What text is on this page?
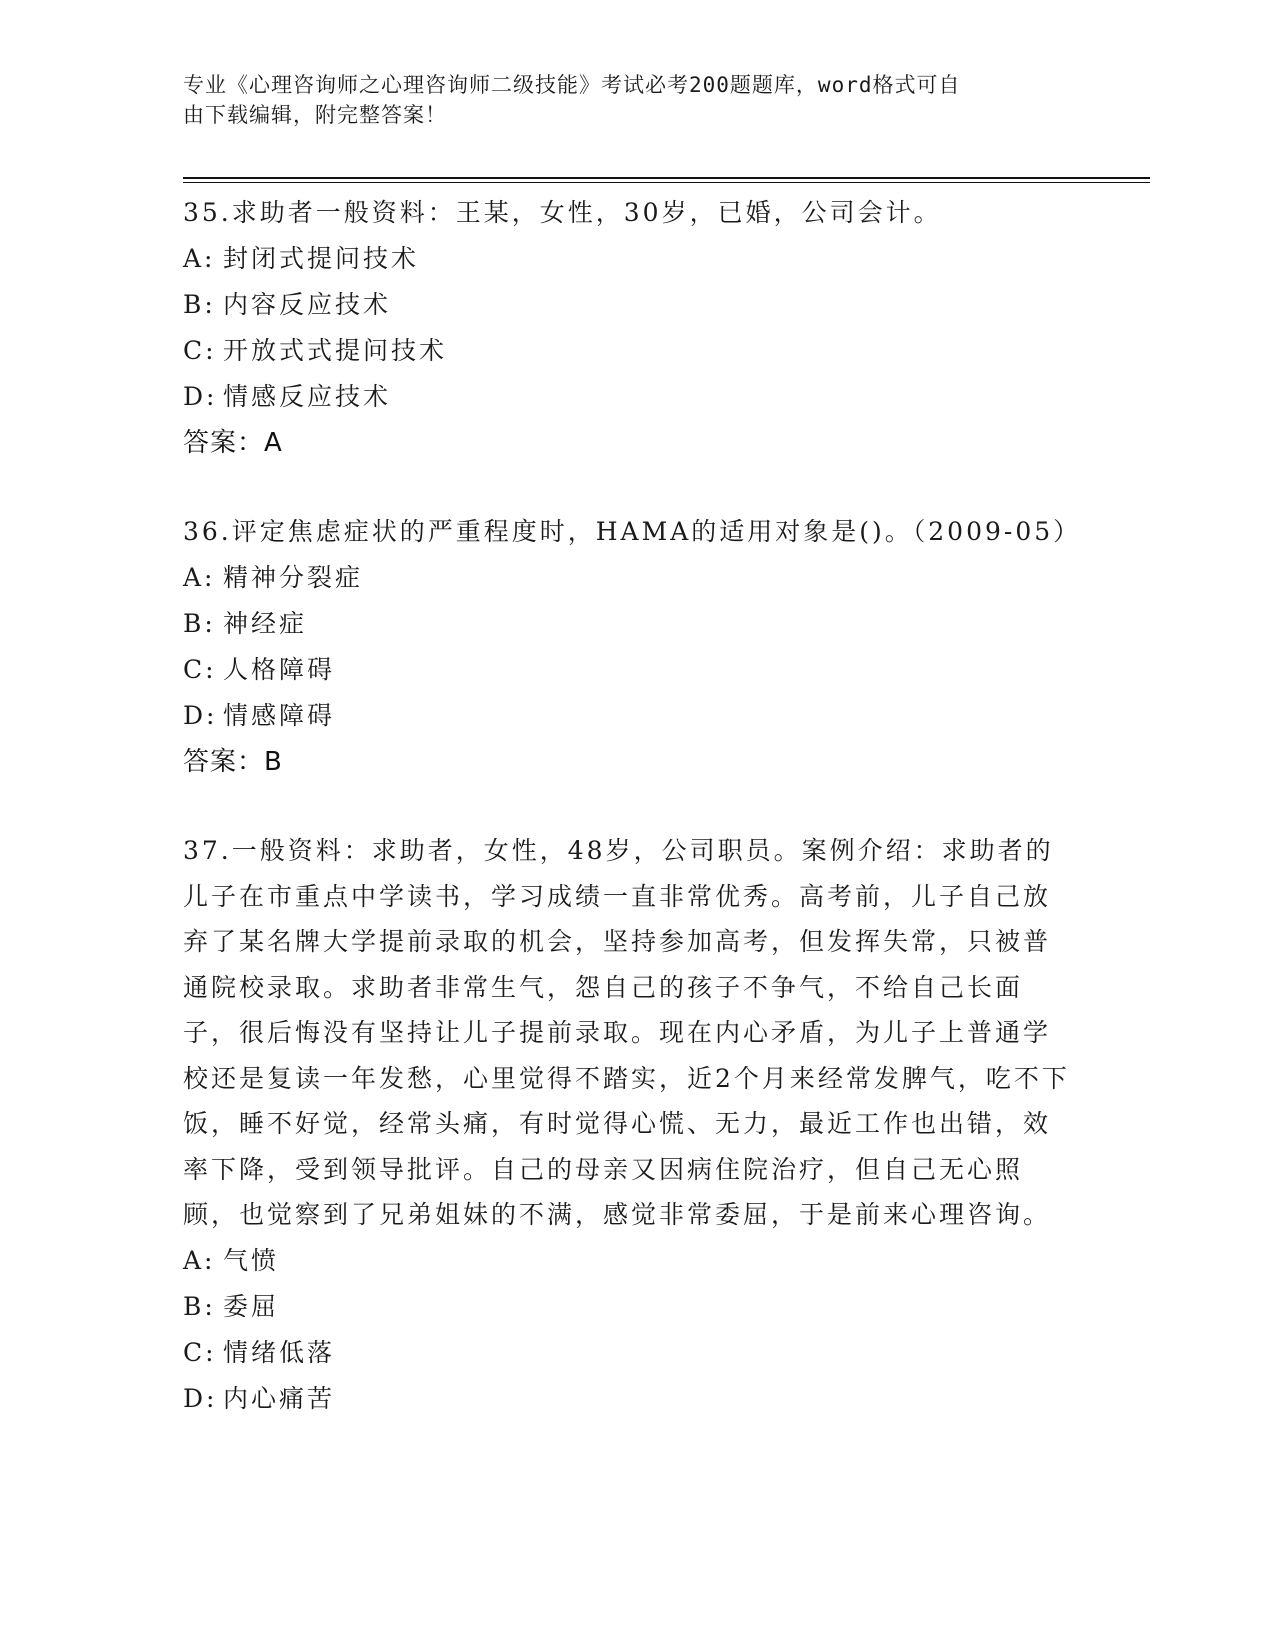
专业《心理咨询师之心理咨询师二级技能》考试必考200题题库，word格式可自
由下载编辑，附完整答案！
35.求助者一般资料：王某，女性，30岁，已婚，公司会计。
A: 封闭式提问技术
B: 内容反应技术
C: 开放式式提问技术
D: 情感反应技术
答案：A
36.评定焦虑症状的严重程度时，HAMA的适用对象是()。（2009-05）
A: 精神分裂症
B: 神经症
C: 人格障碍
D: 情感障碍
答案：B
37.一般资料：求助者，女性，48岁，公司职员。案例介绍：求助者的儿子在市重点中学读书，学习成绩一直非常优秀。高考前，儿子自己放弃了某名牌大学提前录取的机会，坚持参加高考，但发挥失常，只被普通院校录取。求助者非常生气，怨自己的孩子不争气，不给自己长面子，很后悔没有坚持让儿子提前录取。现在内心矛盾，为儿子上普通学校还是复读一年发愁，心里觉得不踏实，近2个月来经常发脾气，吃不下饭，睡不好觉，经常头痛，有时觉得心慌、无力，最近工作也出错，效率下降，受到领导批评。自己的母亲又因病住院治疗，但自己无心照顾，也觉察到了兄弟姐妹的不满，感觉非常委屈，于是前来心理咨询。
A: 气愤
B: 委屈
C: 情绪低落
D: 内心痛苦
